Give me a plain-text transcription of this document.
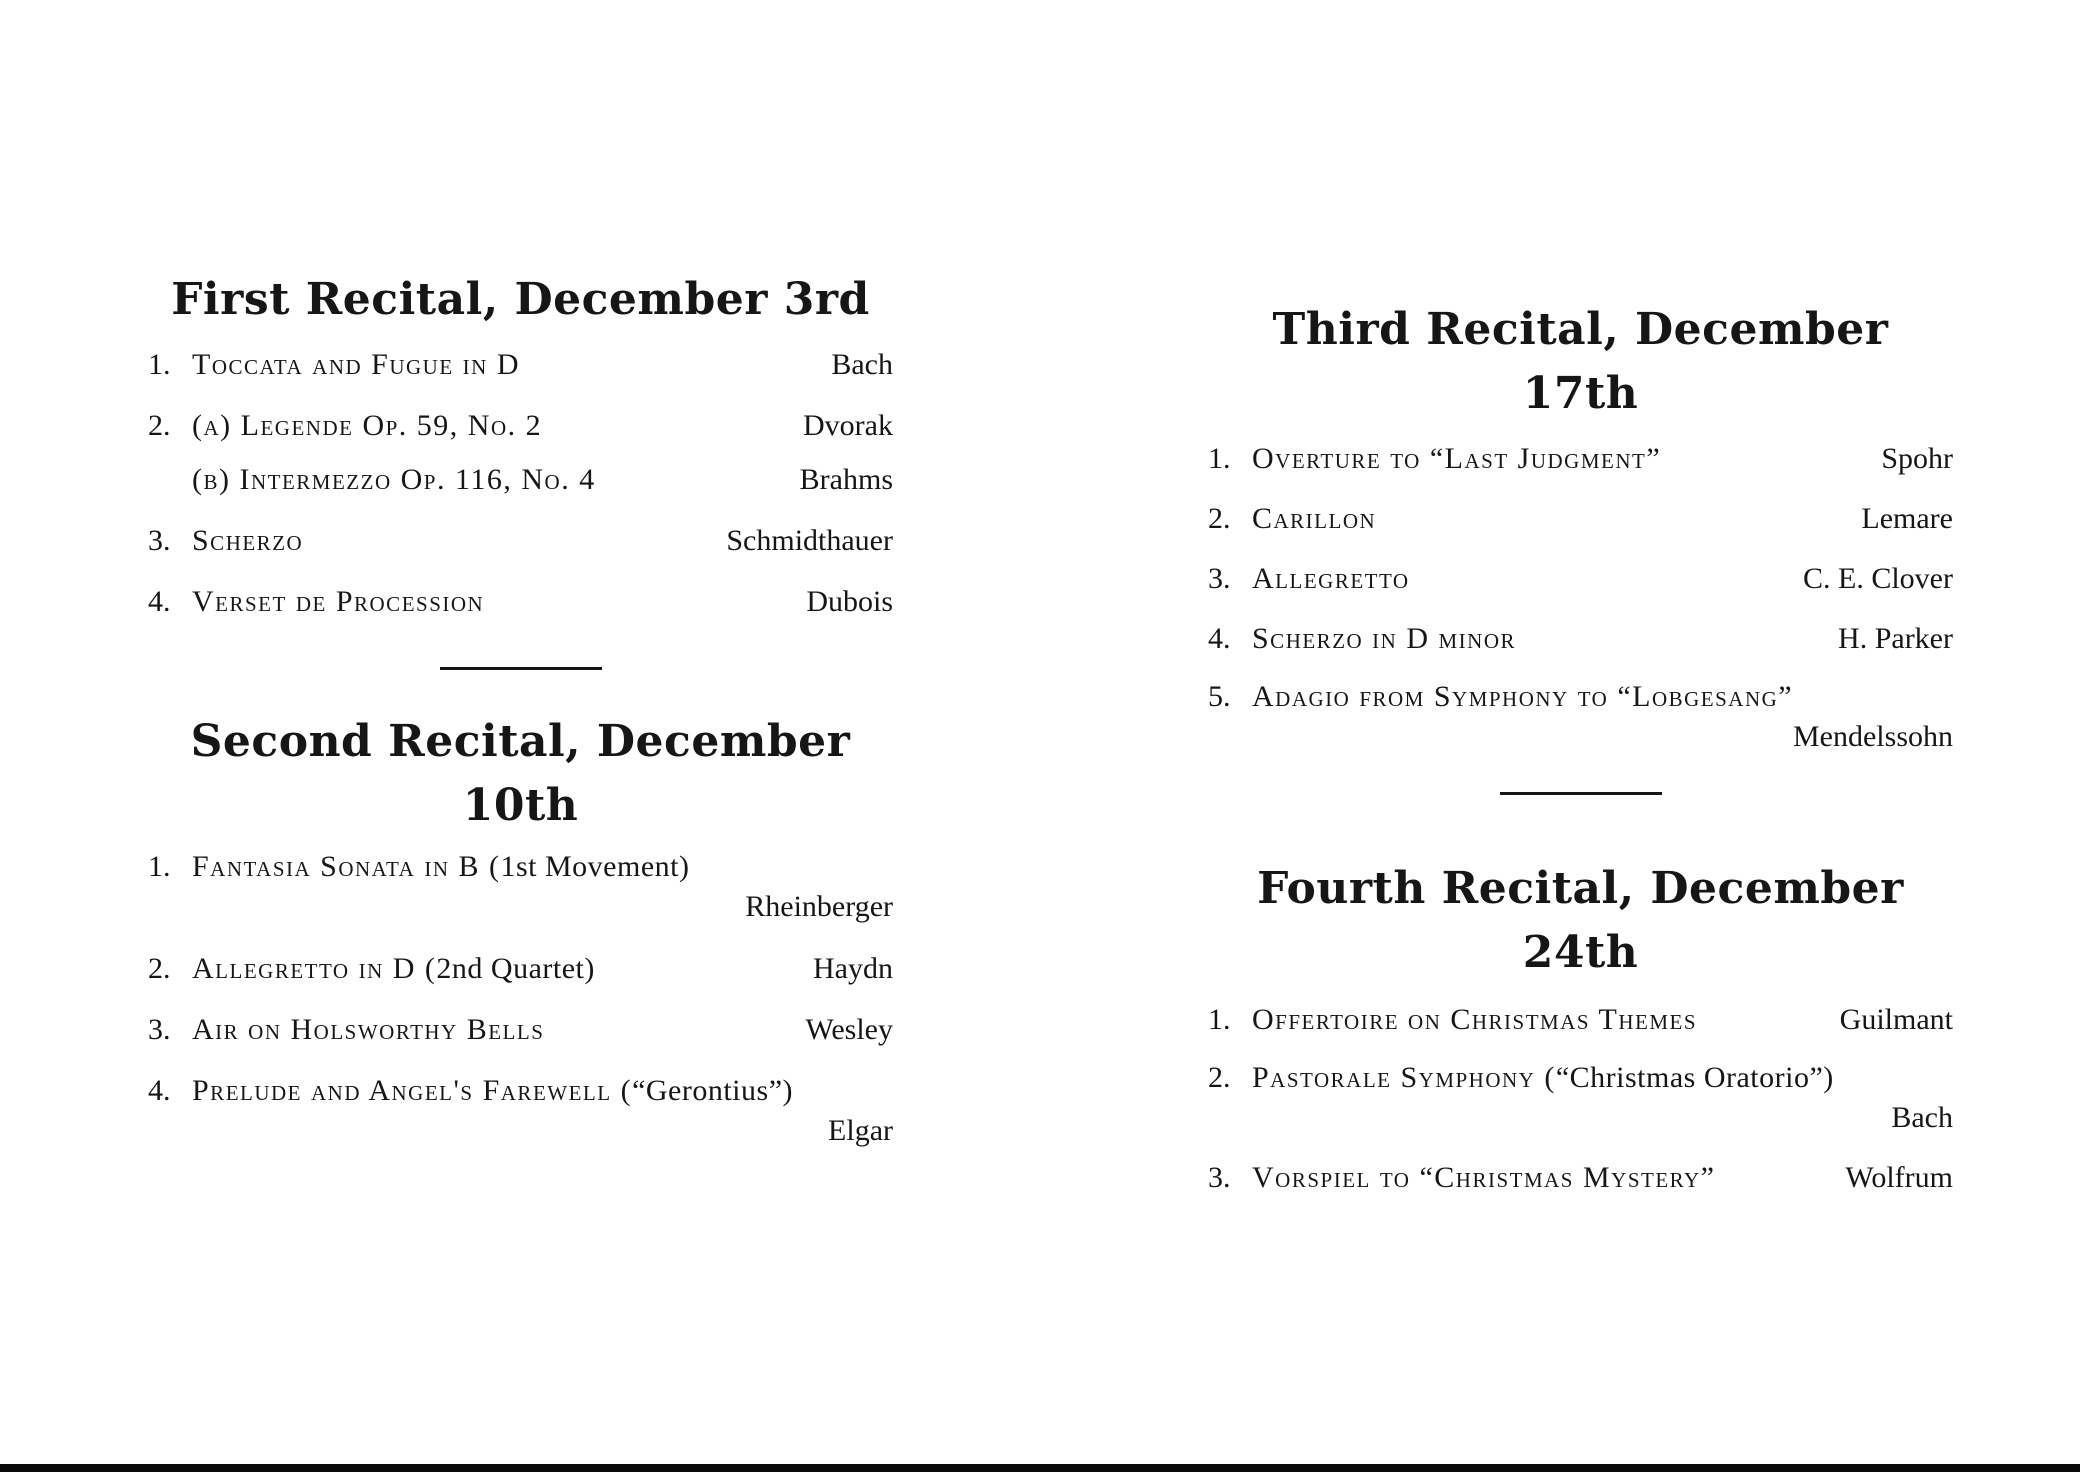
First Recital, December 3rd
1. Toccata and Fugue in D	Bach
2. (a) Legende Op. 59, No. 2	Dvorak
(b) Intermezzo Op. 116, No. 4	Brahms
3. Scherzo	Schmidthauer
4. Verset de Procession	Dubois
Second Recital, December 10th
1. Fantasia Sonata in B (1st Movement)
Rheinberger
2. Allegretto in D (2nd Quartet)	Haydn
3. Air on Holsworthy Bells	Wesley
4. Prelude and Angel's Farewell (“Gerontius”)
Elgar
Third Recital, December 17th
1. Overture to “Last Judgment”	Spohr
2. Carillon	Lemare
3. Allegretto	C. E. Clover
4. Scherzo in D minor	H. Parker
5. Adagio from Symphony to “Lobgesang”
Mendelssohn
Fourth Recital, December 24th
1. Offertoire on Christmas Themes	Guilmant
2. Pastorale Symphony (“Christmas Oratorio”)
Bach
3. Vorspiel to “Christmas Mystery”	Wolfrum
